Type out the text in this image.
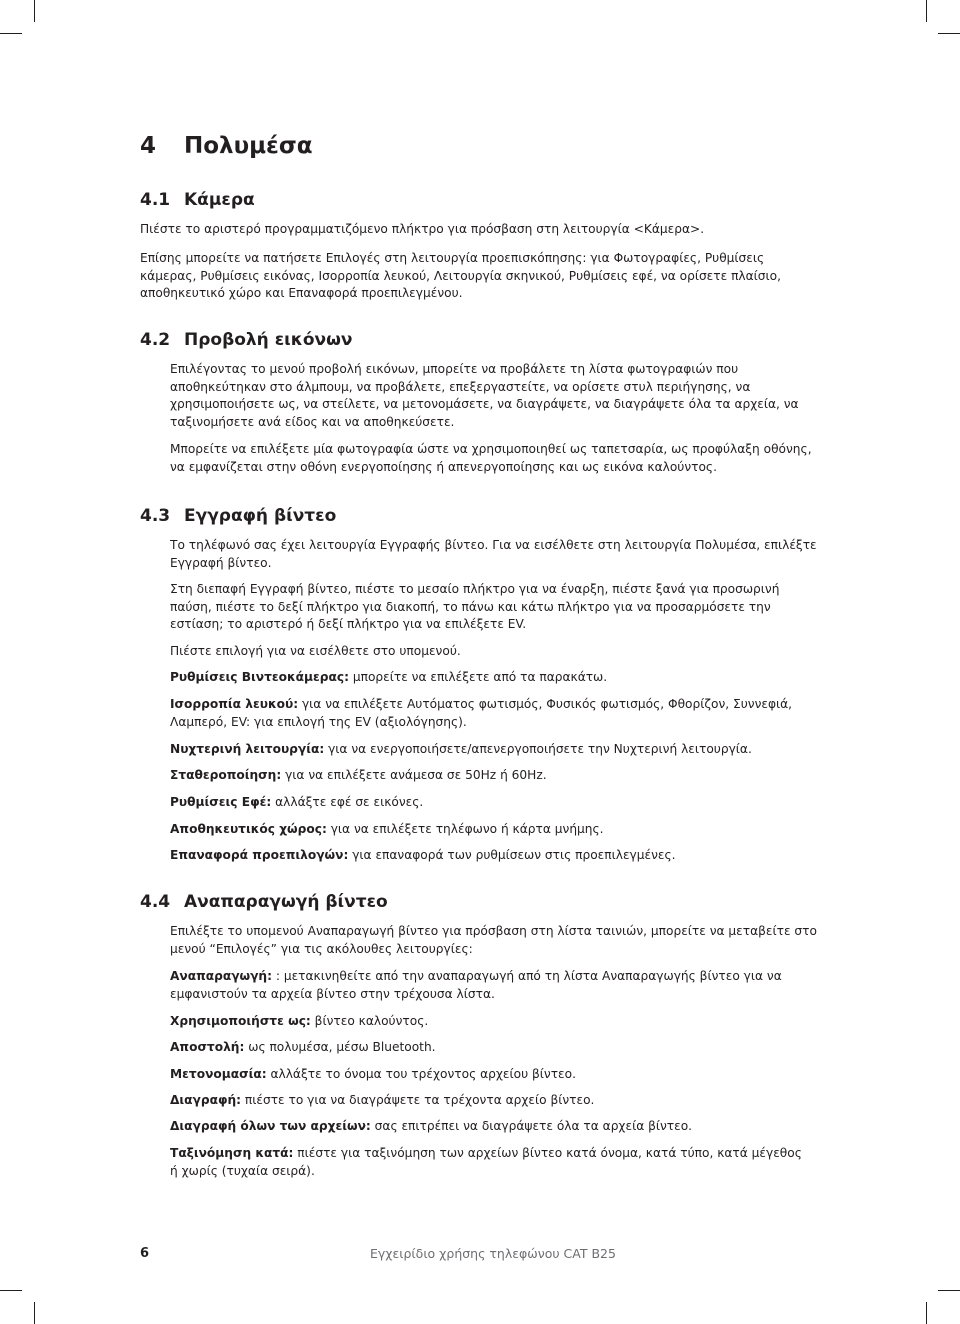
4 Πολυμέσα
4.1 Κάμερα

Πιέστε το αριστερό προγραμματιζόμενο πλήκτρο για πρόσβαση στη λειτουργία <Κάμερα>.

Επίσης μπορείτε να πατήσετε Επιλογές στη λειτουργία προεπισκόπησης: για Φωτογραφίες, Ρυθμίσεις κάμερας, Ρυθμίσεις εικόνας, Ισορροπία λευκού, Λειτουργία σκηνικού, Ρυθμίσεις εφέ, να ορίσετε πλαίσιο, αποθηκευτικό χώρο και Επαναφορά προεπιλεγμένου.

4.2 Προβολή εικόνων

Επιλέγοντας το μενού προβολή εικόνων, μπορείτε να προβάλετε τη λίστα φωτογραφιών που αποθηκεύτηκαν στο άλμπουμ, να προβάλετε, επεξεργαστείτε, να ορίσετε στυλ περιήγησης, να χρησιμοποιήσετε ως, να στείλετε, να μετονομάσετε, να διαγράψετε, να διαγράψετε όλα τα αρχεία, να ταξινομήσετε ανά είδος και να αποθηκεύσετε.

Μπορείτε να επιλέξετε μία φωτογραφία ώστε να χρησιμοποιηθεί ως ταπετσαρία, ως προφύλαξη οθόνης, να εμφανίζεται στην οθόνη ενεργοποίησης ή απενεργοποίησης και ως εικόνα καλούντος.

4.3 Εγγραφή βίντεο

Το τηλέφωνό σας έχει λειτουργία Εγγραφής βίντεο. Για να εισέλθετε στη λειτουργία Πολυμέσα, επιλέξτε Εγγραφή βίντεο.

Στη διεπαφή Εγγραφή βίντεο, πιέστε το μεσαίο πλήκτρο για να έναρξη, πιέστε ξανά για προσωρινή παύση, πιέστε το δεξί πλήκτρο για διακοπή, το πάνω και κάτω πλήκτρο για να προσαρμόσετε την εστίαση; το αριστερό ή δεξί πλήκτρο για να επιλέξετε EV.

Πιέστε επιλογή για να εισέλθετε στο υπομενού.

Ρυθμίσεις Βιντεοκάμερας: μπορείτε να επιλέξετε από τα παρακάτω.

Ισορροπία λευκού: για να επιλέξετε Αυτόματος φωτισμός, Φυσικός φωτισμός, Φθορίζον, Συννεφιά, Λαμπερό, EV: για επιλογή της EV (αξιολόγησης).

Νυχτερινή λειτουργία: για να ενεργοποιήσετε/απενεργοποιήσετε την Νυχτερινή λειτουργία.

Σταθεροποίηση: για να επιλέξετε ανάμεσα σε 50Hz ή 60Hz.

Ρυθμίσεις Εφέ: αλλάξτε εφέ σε εικόνες.

Αποθηκευτικός χώρος: για να επιλέξετε τηλέφωνο ή κάρτα μνήμης.

Επαναφορά προεπιλογών: για επαναφορά των ρυθμίσεων στις προεπιλεγμένες.

4.4 Αναπαραγωγή βίντεο

Επιλέξτε το υπομενού Αναπαραγωγή βίντεο για πρόσβαση στη λίστα ταινιών, μπορείτε να μεταβείτε στο μενού “Επιλογές” για τις ακόλουθες λειτουργίες:

Αναπαραγωγή: : μετακινηθείτε από την αναπαραγωγή από τη λίστα Αναπαραγωγής βίντεο για να εμφανιστούν τα αρχεία βίντεο στην τρέχουσα λίστα.

Χρησιμοποιήστε ως: βίντεο καλούντος.

Αποστολή: ως πολυμέσα, μέσω Bluetooth.

Μετονομασία: αλλάξτε το όνομα του τρέχοντος αρχείου βίντεο.

Διαγραφή: πιέστε το για να διαγράψετε τα τρέχοντα αρχείο βίντεο.

Διαγραφή όλων των αρχείων: σας επιτρέπει να διαγράψετε όλα τα αρχεία βίντεο.

Ταξινόμηση κατά: πιέστε για ταξινόμηση των αρχείων βίντεο κατά όνομα, κατά τύπο, κατά μέγεθος ή χωρίς (τυχαία σειρά).

6	Εγχειρίδιο χρήσης τηλεφώνου CAT B25
